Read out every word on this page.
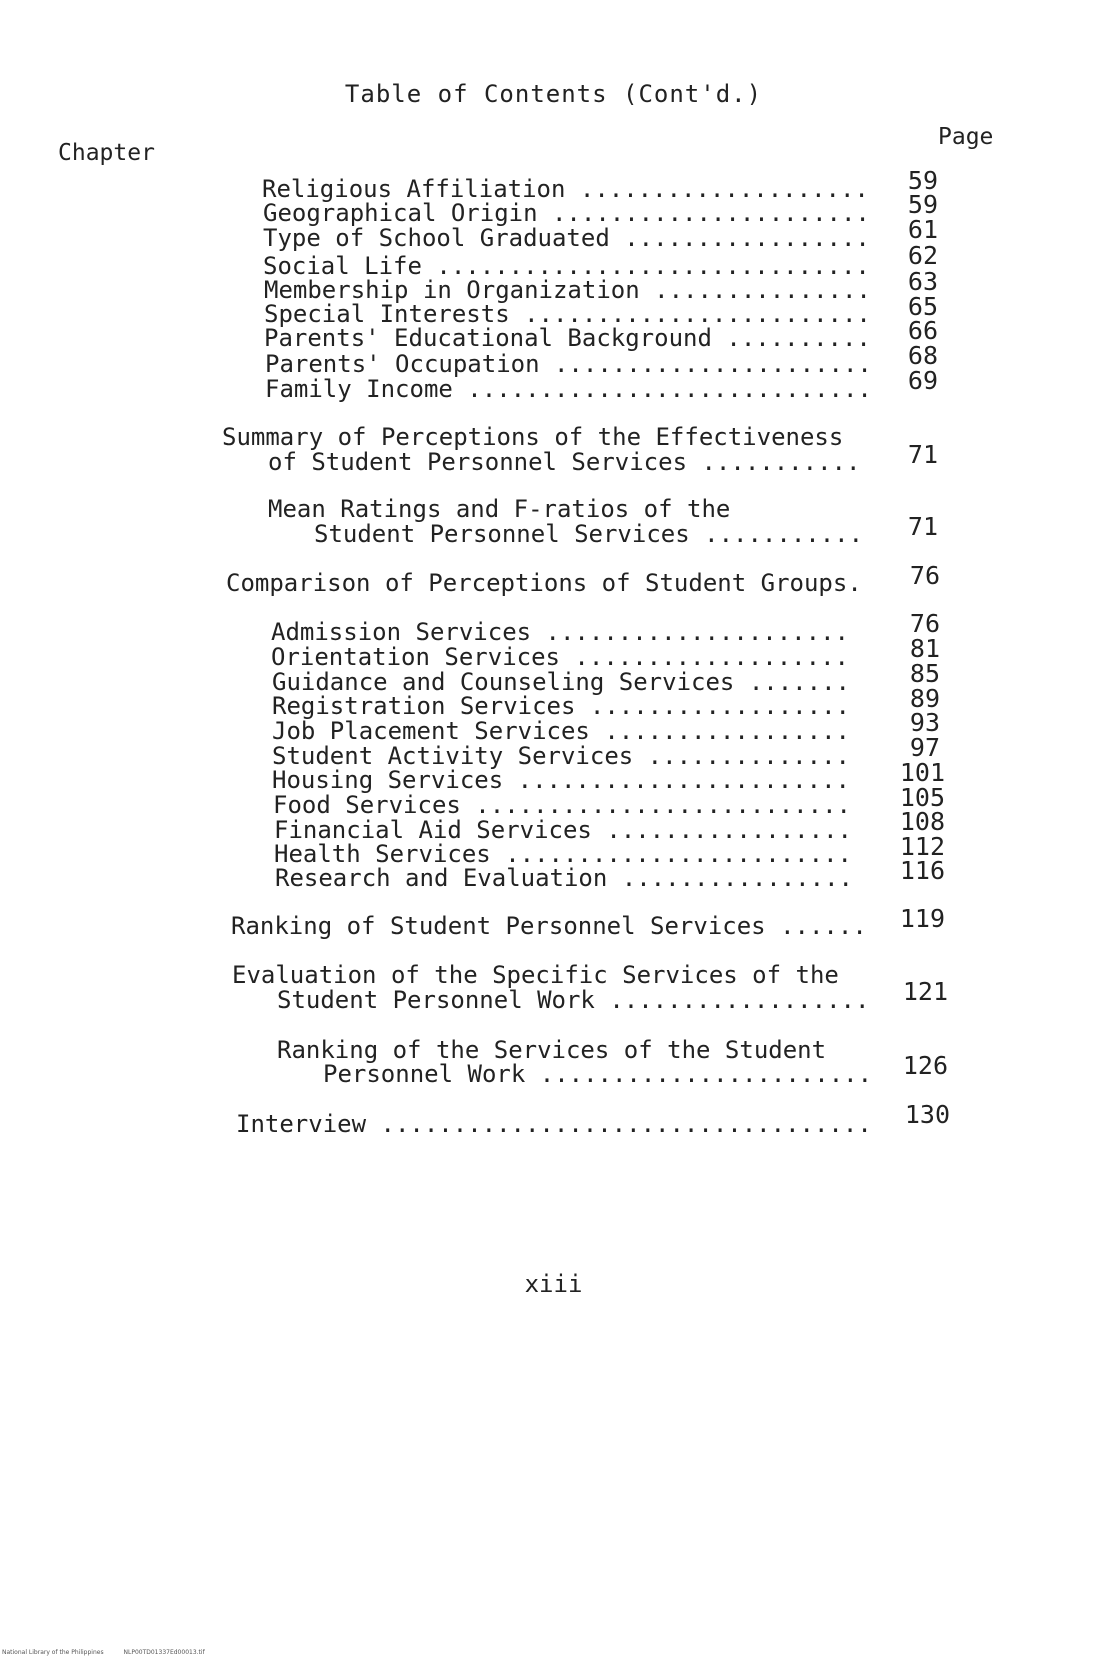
Table of Contents (Cont'd.)
Chapter
Page
Religious Affiliation ....................	59
Geographical Origin ......................	59
Type of School Graduated .................	61
Social Life ..............................	62
Membership in Organization ...............	63
Special Interests ........................	65
Parents' Educational Background ..........	66
Parents' Occupation ......................	68
Family Income ............................	69
Summary of Perceptions of the Effectiveness
of Student Personnel Services ...........	71
Mean Ratings and F-ratios of the
Student Personnel Services ...........	71
Comparison of Perceptions of Student Groups.	76
Admission Services .....................	76
Orientation Services ...................	81
Guidance and Counseling Services .......	85
Registration Services ..................	89
Job Placement Services .................	93
Student Activity Services ..............	97
Housing Services .......................	101
Food Services ..........................	105
Financial Aid Services .................	108
Health Services ........................	112
Research and Evaluation ................	116
Ranking of Student Personnel Services ......	119
Evaluation of the Specific Services of the
Student Personnel Work ..................	121
Ranking of the Services of the Student
Personnel Work .......................	126
Interview ..................................	130
xiii
National Library of the Philippines	NLP00TD01337Ed00013.tif
